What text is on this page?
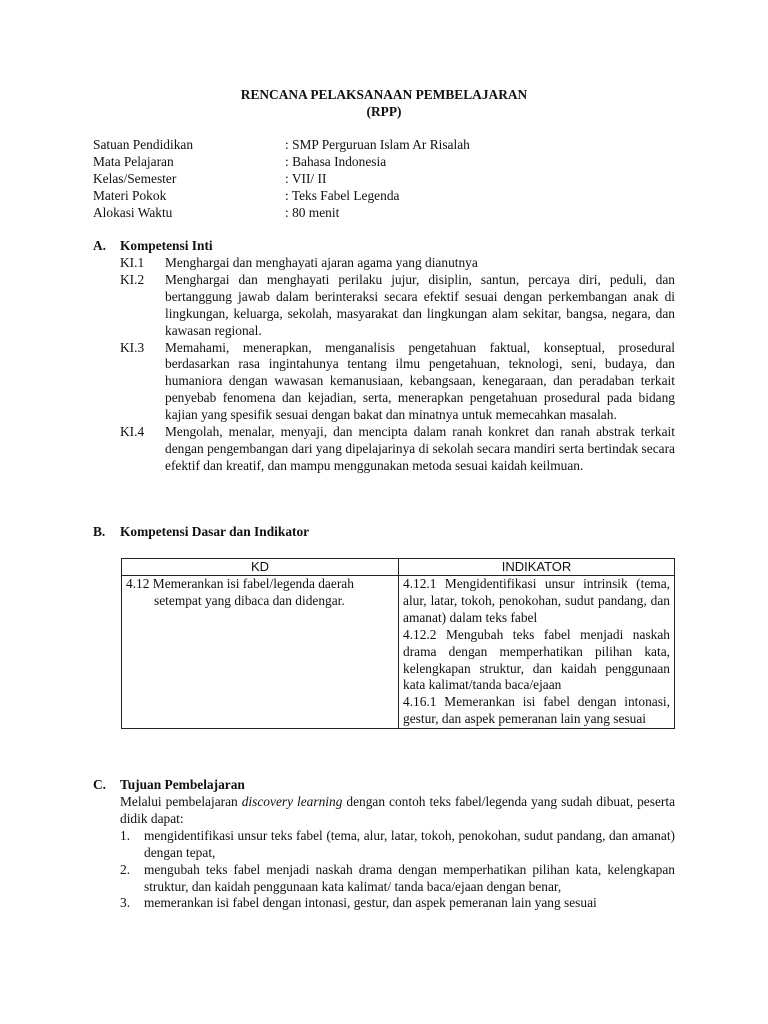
RENCANA PELAKSANAAN PEMBELAJARAN
(RPP)
Satuan Pendidikan	: SMP Perguruan Islam Ar Risalah
Mata Pelajaran	: Bahasa Indonesia
Kelas/Semester	: VII/ II
Materi Pokok	: Teks Fabel Legenda
Alokasi Waktu	: 80 menit
A. Kompetensi Inti
KI.1 Menghargai dan menghayati ajaran agama yang dianutnya
KI.2 Menghargai dan menghayati perilaku jujur, disiplin, santun, percaya diri, peduli, dan bertanggung jawab dalam berinteraksi secara efektif sesuai dengan perkembangan anak di lingkungan, keluarga, sekolah, masyarakat dan lingkungan alam sekitar, bangsa, negara, dan kawasan regional.
KI.3 Memahami, menerapkan, menganalisis pengetahuan faktual, konseptual, prosedural berdasarkan rasa ingintahunya tentang ilmu pengetahuan, teknologi, seni, budaya, dan humaniora dengan wawasan kemanusiaan, kebangsaan, kenegaraan, dan peradaban terkait penyebab fenomena dan kejadian, serta, menerapkan pengetahuan prosedural pada bidang kajian yang spesifik sesuai dengan bakat dan minatnya untuk memecahkan masalah.
KI.4 Mengolah, menalar, menyaji, dan mencipta dalam ranah konkret dan ranah abstrak terkait dengan pengembangan dari yang dipelajarinya di sekolah secara mandiri serta bertindak secara efektif dan kreatif, dan mampu menggunakan metoda sesuai kaidah keilmuan.
B. Kompetensi Dasar dan Indikator
KD	INDIKATOR

4.12 Memerankan isi fabel/legenda daerah setempat yang dibaca dan didengar.	4.12.1 Mengidentifikasi unsur intrinsik (tema, alur, latar, tokoh, penokohan, sudut pandang, dan amanat) dalam teks fabel
4.12.2 Mengubah teks fabel menjadi naskah drama dengan memperhatikan pilihan kata, kelengkapan struktur, dan kaidah penggunaan kata kalimat/tanda baca/ejaan
4.16.1 Memerankan isi fabel dengan intonasi, gestur, dan aspek pemeranan lain yang sesuai
C. Tujuan Pembelajaran
Melalui pembelajaran discovery learning dengan contoh teks fabel/legenda yang sudah dibuat, peserta didik dapat:
1. mengidentifikasi unsur teks fabel (tema, alur, latar, tokoh, penokohan, sudut pandang, dan amanat) dengan tepat,
2. mengubah teks fabel menjadi naskah drama dengan memperhatikan pilihan kata, kelengkapan struktur, dan kaidah penggunaan kata kalimat/ tanda baca/ejaan dengan benar,
3. memerankan isi fabel dengan intonasi, gestur, dan aspek pemeranan lain yang sesuai
